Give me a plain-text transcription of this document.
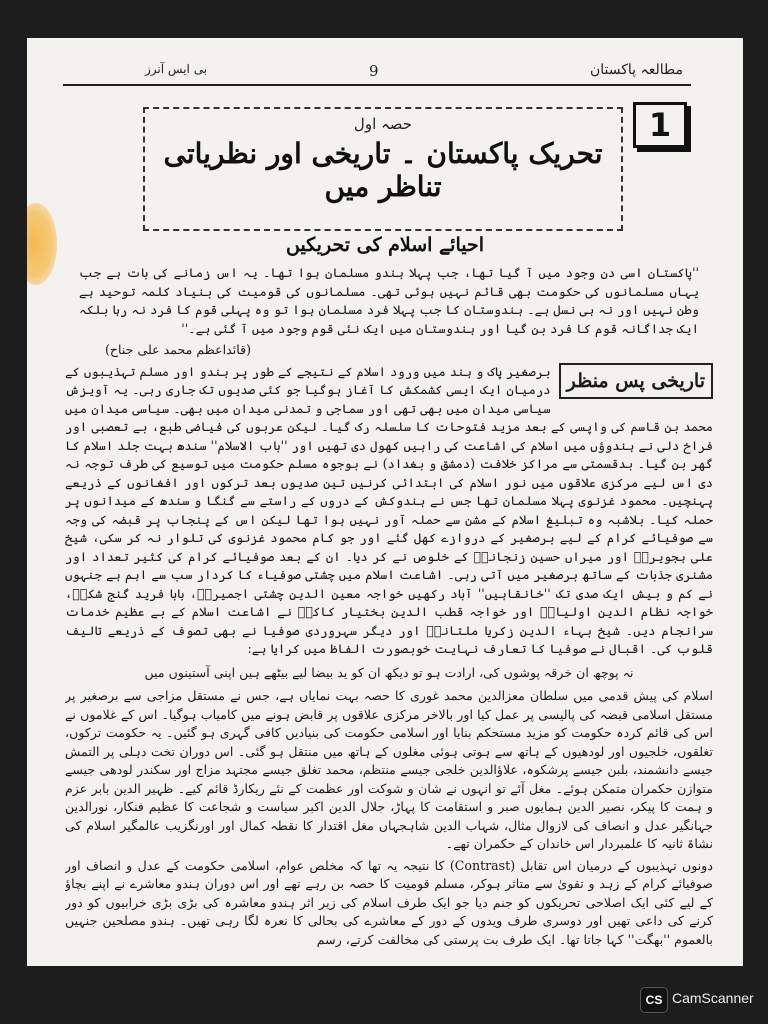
مطالعہ پاکستان
9
بی ایس آنرز
حصہ اول
تحریک پاکستان ۔ تاریخی اور نظریاتی تناظر میں
1
احیائے اسلام کی تحریکیں

''پاکستان اسی دن وجود میں آ گیا تھا، جب پہلا ہندو مسلمان ہوا تھا۔ یہ اس زمانے کی بات ہے جب یہاں مسلمانوں کی حکومت بھی قائم نہیں ہوئی تھی۔ مسلمانوں کی قومیت کی بنیاد کلمہ توحید ہے وطن نہیں اور نہ ہی نسل ہے۔ ہندوستان کا جب پہلا فرد مسلمان ہوا تو وہ پہلی قوم کا فرد نہ رہا بلکہ ایک جداگانہ قوم کا فرد بن گیا اور ہندوستان میں ایک نئی قوم وجود میں آ گئی ہے۔''

(قائداعظم محمد علی جناح)

تاریخی پس منظر

برصغیر پاک و ہند میں ورود اسلام کے نتیجے کے طور پر ہندو اور مسلم تہذیبوں کے درمیان ایک ایسی کشمکش کا آغاز ہوگیا جو کئی صدیوں تک جاری رہی۔ یہ آویزش سیاسی میدان میں بھی تھی اور سماجی و تمدنی میدان میں بھی۔ سیاسی میدان میں محمد بن قاسم کی واپسی کے بعد مزید فتوحات کا سلسلہ رک گیا۔ لیکن عربوں کی فیاضی طبع، بے تعصبی اور فراخ دلی نے ہندوؤں میں اسلام کی اشاعت کی راہیں کھول دی تھیں اور ''باب الاسلام'' سندھ بہت جلد اسلام کا گھر بن گیا۔ بدقسمتی سے مراکز خلافت (دمشق و بغداد) نے بوجوہ مسلم حکومت میں توسیع کی طرف توجہ نہ دی اس لیے مرکزی علاقوں میں نور اسلام کی ابتدائی کرنیں تین صدیوں بعد ترکوں اور افغانوں کے ذریعے پہنچیں۔ محمود غزنوی پہلا مسلمان تھا جس نے ہندوکش کے دروں کے راستے سے گنگا و سندھ کے میدانوں پر حملہ کیا۔ بلاشبہ وہ تبلیغ اسلام کے مشن سے حملہ آور نہیں ہوا تھا لیکن اس کے پنجاب پر قبضہ کی وجہ سے صوفیائے کرام کے لیے برصغیر کے دروازے کھل گئے اور جو کام محمود غزنوی کی تلوار نہ کر سکی، شیخ علی ہجویریؒ اور میراں حسین زنجانیؒ کے خلوص نے کر دیا۔ ان کے بعد صوفیائے کرام کی کثیر تعداد اور مشنری جذبات کے ساتھ برصغیر میں آتی رہی۔ اشاعت اسلام میں چشتی صوفیاء کا کردار سب سے اہم ہے جنہوں نے کم و بیش ایک صدی تک ''خانقاہیں'' آباد رکھیں خواجہ معین الدین چشتی اجمیریؒ، بابا فرید گنج شکرؒ، خواجہ نظام الدین اولیاءؒ اور خواجہ قطب الدین بختیار کاکیؒ نے اشاعت اسلام کے بے عظیم خدمات سرانجام دیں۔ شیخ بہاء الدین زکریا ملتانیؒ اور دیگر سہروردی صوفیا نے بھی تصوف کے ذریعے تالیف قلوب کی۔ اقبال نے صوفیا کا تعارف نہایت خوبصورت الفاظ میں کرایا ہے:

نہ پوچھ ان خرقہ پوشوں کی، ارادت ہو تو دیکھ ان کو ید بیضا لیے بیٹھے ہیں اپنی آستینوں میں

اسلام کی پیش قدمی میں سلطان معزالدین محمد غوری کا حصہ بہت نمایاں ہے، جس نے مستقل مزاجی سے برصغیر پر مستقل اسلامی قبضہ کی پالیسی پر عمل کیا اور بالاخر مرکزی علاقوں پر قابض ہونے میں کامیاب ہوگیا۔ اس کے غلاموں نے اس کی قائم کردہ حکومت کو مزید مستحکم بنایا اور اسلامی حکومت کی بنیادیں کافی گہری ہو گئیں۔ یہ حکومت ترکوں، تغلقوں، خلجیوں اور لودھیوں کے ہاتھ سے ہوتی ہوئی مغلوں کے ہاتھ میں منتقل ہو گئی۔ اس دوران تخت دہلی پر التمش جیسے دانشمند، بلبن جیسے پرشکوہ، علاؤالدین خلجی جیسے منتظم، محمد تغلق جیسے مجتہد مزاج اور سکندر لودھی جیسے متوازن حکمران متمکن ہوئے۔ مغل آئے تو انہوں نے شان و شوکت اور عظمت کے نئے ریکارڈ قائم کیے۔ ظہیر الدین بابر عزم و ہمت کا پیکر، نصیر الدین ہمایوں صبر و استقامت کا پہاڑ، جلال الدین اکبر سیاست و شجاعت کا عظیم فنکار، نورالدین جہانگیر عدل و انصاف کی لازوال مثال، شہاب الدین شاہجہاں مغل اقتدار کا نقطہ کمال اور اورنگزیب عالمگیر اسلام کی نشاۃ ثانیہ کا علمبردار اس خاندان کے حکمران تھے۔

دونوں تہذیبوں کے درمیان اس تقابل (Contrast) کا نتیجہ یہ تھا کہ مخلص عوام، اسلامی حکومت کے عدل و انصاف اور صوفیائے کرام کے زہد و تقویٰ سے متاثر ہوکر، مسلم قومیت کا حصہ بن رہے تھے اور اس دوران ہندو معاشرے نے اپنے بچاؤ کے لیے کئی ایک اصلاحی تحریکوں کو جنم دیا جو ایک طرف اسلام کی زیر اثر ہندو معاشرہ کی بڑی بڑی خرابیوں کو دور کرنے کی داعی تھیں اور دوسری طرف ویدوں کے دور کے معاشرے کی بحالی کا نعرہ لگا رہی تھیں۔ ہندو مصلحین جنہیں بالعموم ''بھگت'' کہا جاتا تھا۔ ایک طرف بت پرستی کی مخالفت کرتے، رسم

CS CamScanner
